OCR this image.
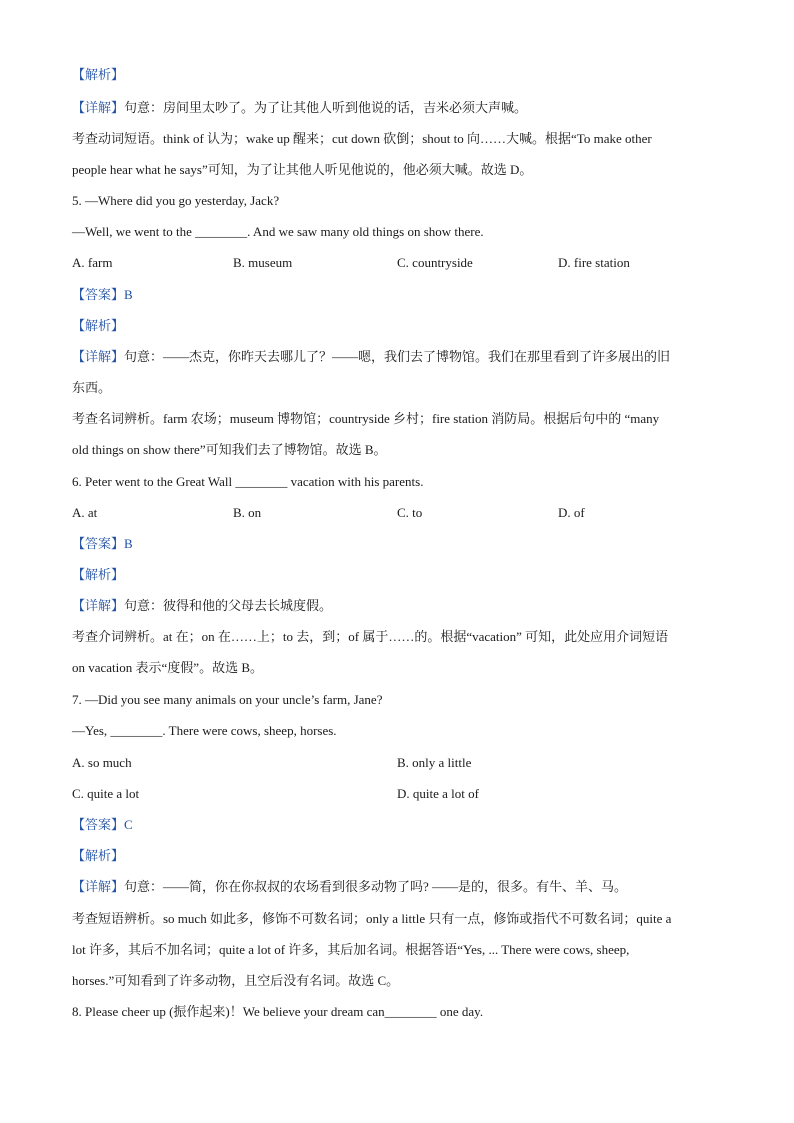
【解析】
【详解】句意：房间里太吵了。为了让其他人听到他说的话，吉米必须大声喊。
考查动词短语。think of 认为；wake up 醒来；cut down 砍倒；shout to 向……大喊。根据“To make other
people hear what he says”可知，为了让其他人听见他说的，他必须大喊。故选 D。
5. —Where did you go yesterday, Jack?
—Well, we went to the ________. And we saw many old things on show there.
A. farm	B. museum	C. countryside	D. fire station
【答案】B
【解析】
【详解】句意：——杰克，你昨天去哪儿了？——嗯，我们去了博物馆。我们在那里看到了许多展出的旧
东西。
考查名词辨析。farm 农场；museum 博物馆；countryside 乡村；fire station 消防局。根据后句中的 “many
old things on show there”可知我们去了博物馆。故选 B。
6. Peter went to the Great Wall ________ vacation with his parents.
A. at	B. on	C. to	D. of
【答案】B
【解析】
【详解】句意：彼得和他的父母去长城度假。
考查介词辨析。at 在；on 在……上；to 去，到；of 属于……的。根据“vacation” 可知，此处应用介词短语
on vacation 表示“度假”。故选 B。
7. —Did you see many animals on your uncle’s farm, Jane?
—Yes, ________. There were cows, sheep, horses.
A. so much	B. only a little
C. quite a lot	D. quite a lot of
【答案】C
【解析】
【详解】句意：——简，你在你叔叔的农场看到很多动物了吗? ——是的，很多。有牛、羊、马。
考查短语辨析。so much 如此多，修饰不可数名词；only a little 只有一点，修饰或指代不可数名词；quite a
lot 许多，其后不加名词；quite a lot of 许多，其后加名词。根据答语“Yes, ... There were cows, sheep,
horses.”可知看到了许多动物，且空后没有名词。故选 C。
8. Please cheer up (振作起来)！We believe your dream can________ one day.
